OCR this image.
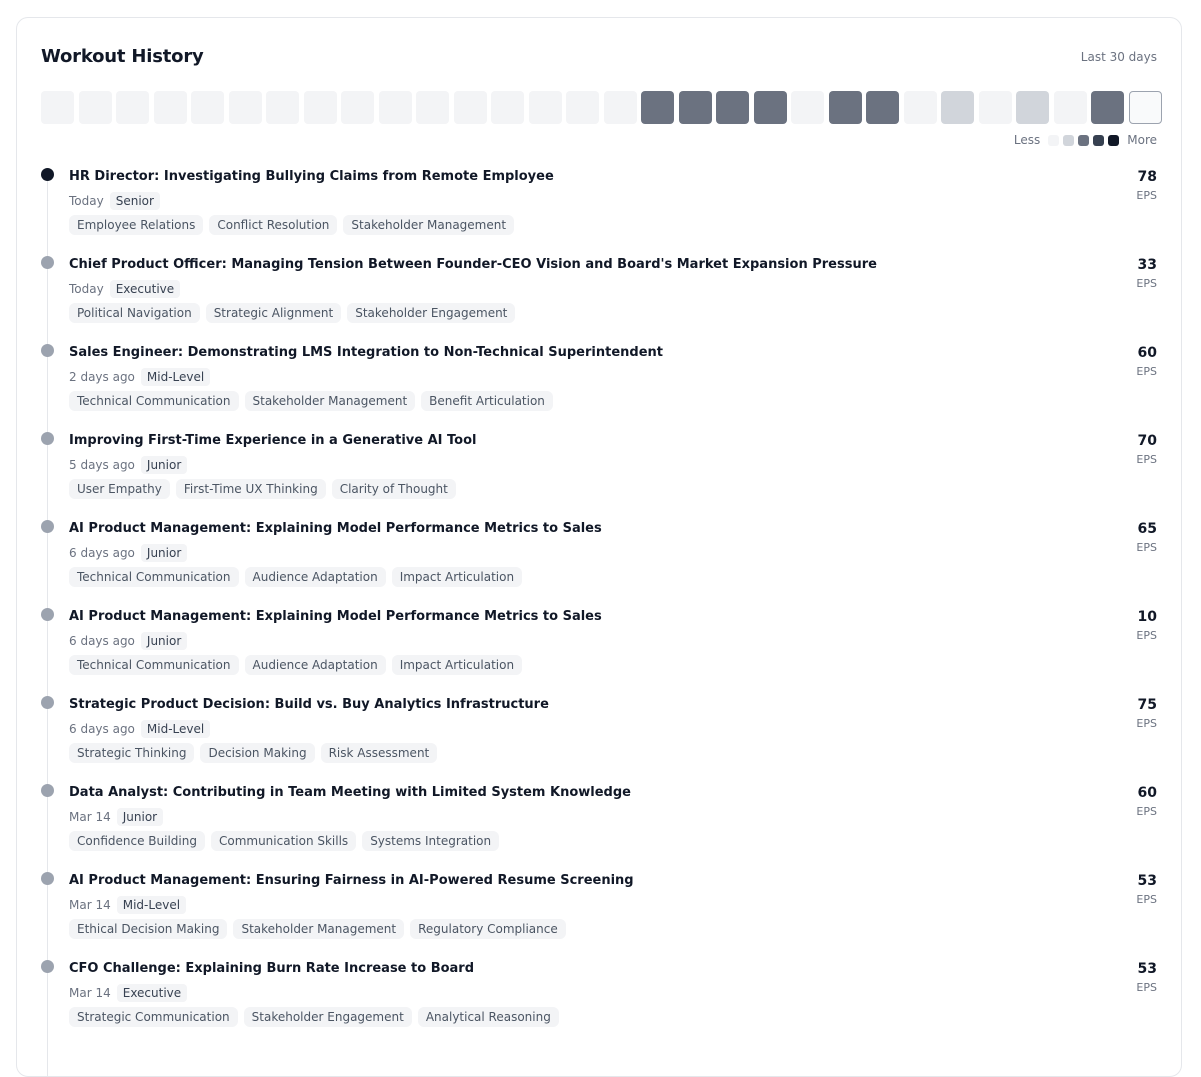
Workout History	Last 30 days
Less	More
HR Director: Investigating Bullying Claims from Remote Employee
Today	Senior
Employee Relations	Conflict Resolution	Stakeholder Management
78
EPS
Chief Product Officer: Managing Tension Between Founder-CEO Vision and Board's Market Expansion Pressure
Today	Executive
Political Navigation	Strategic Alignment	Stakeholder Engagement
33
EPS
Sales Engineer: Demonstrating LMS Integration to Non-Technical Superintendent
2 days ago	Mid-Level
Technical Communication	Stakeholder Management	Benefit Articulation
60
EPS
Improving First-Time Experience in a Generative AI Tool
5 days ago	Junior
User Empathy	First-Time UX Thinking	Clarity of Thought
70
EPS
AI Product Management: Explaining Model Performance Metrics to Sales
6 days ago	Junior
Technical Communication	Audience Adaptation	Impact Articulation
65
EPS
AI Product Management: Explaining Model Performance Metrics to Sales
6 days ago	Junior
Technical Communication	Audience Adaptation	Impact Articulation
10
EPS
Strategic Product Decision: Build vs. Buy Analytics Infrastructure
6 days ago	Mid-Level
Strategic Thinking	Decision Making	Risk Assessment
75
EPS
Data Analyst: Contributing in Team Meeting with Limited System Knowledge
Mar 14	Junior
Confidence Building	Communication Skills	Systems Integration
60
EPS
AI Product Management: Ensuring Fairness in AI-Powered Resume Screening
Mar 14	Mid-Level
Ethical Decision Making	Stakeholder Management	Regulatory Compliance
53
EPS
CFO Challenge: Explaining Burn Rate Increase to Board
Mar 14	Executive
Strategic Communication	Stakeholder Engagement	Analytical Reasoning
53
EPS
